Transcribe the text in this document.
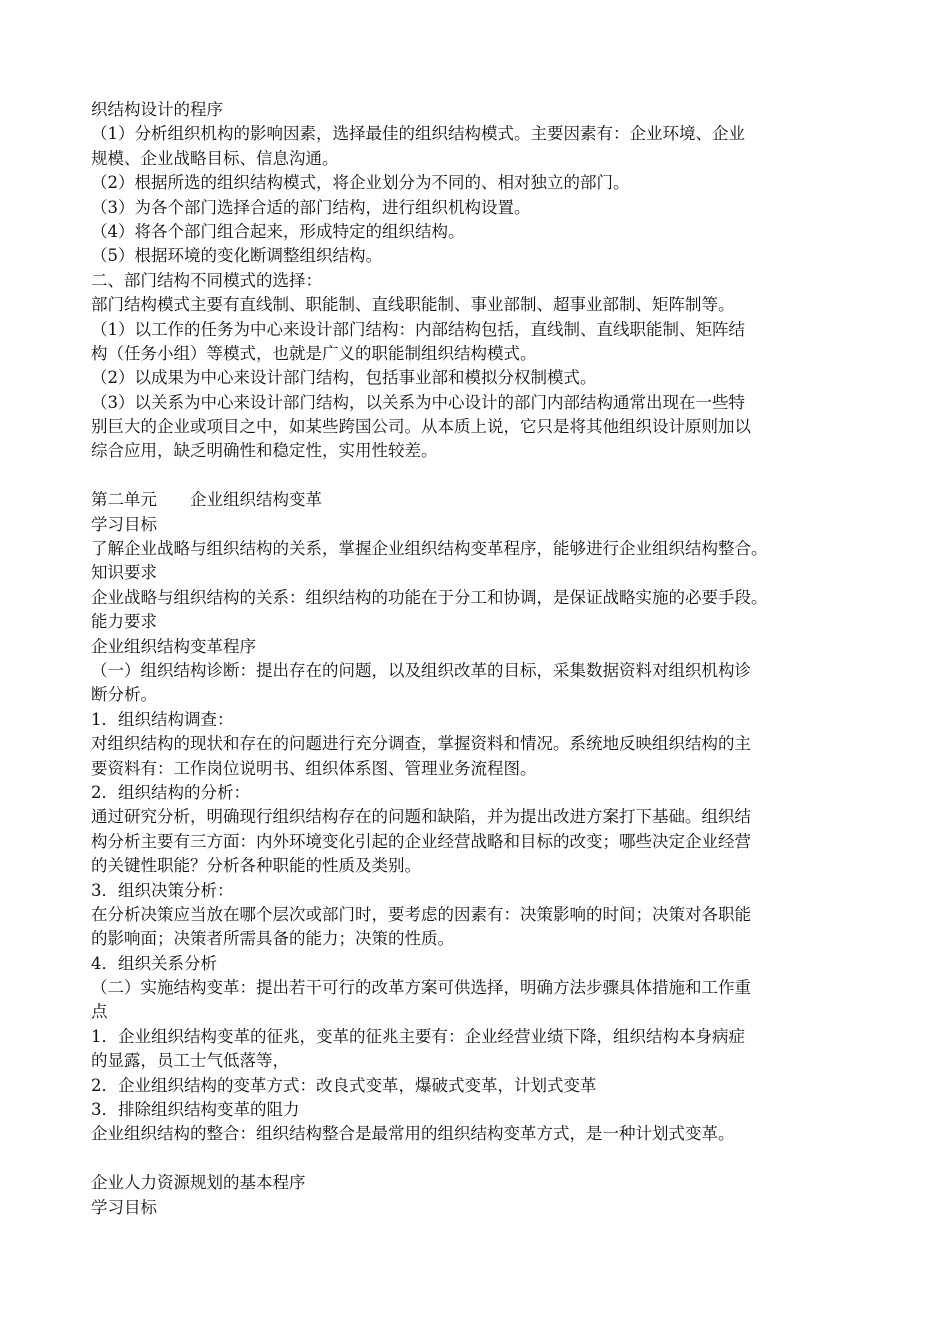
织结构设计的程序
（1）分析组织机构的影响因素，选择最佳的组织结构模式。主要因素有：企业环境、企业
规模、企业战略目标、信息沟通。
（2）根据所选的组织结构模式，将企业划分为不同的、相对独立的部门。
（3）为各个部门选择合适的部门结构，进行组织机构设置。
（4）将各个部门组合起来，形成特定的组织结构。
（5）根据环境的变化断调整组织结构。
二、部门结构不同模式的选择：
部门结构模式主要有直线制、职能制、直线职能制、事业部制、超事业部制、矩阵制等。
（1）以工作的任务为中心来设计部门结构：内部结构包括，直线制、直线职能制、矩阵结
构（任务小组）等模式，也就是广义的职能制组织结构模式。
（2）以成果为中心来设计部门结构，包括事业部和模拟分权制模式。
（3）以关系为中心来设计部门结构，以关系为中心设计的部门内部结构通常出现在一些特
别巨大的企业或项目之中，如某些跨国公司。从本质上说，它只是将其他组织设计原则加以
综合应用，缺乏明确性和稳定性，实用性较差。
第二单元　　企业组织结构变革
学习目标
了解企业战略与组织结构的关系，掌握企业组织结构变革程序，能够进行企业组织结构整合。
知识要求
企业战略与组织结构的关系：组织结构的功能在于分工和协调，是保证战略实施的必要手段。
能力要求
企业组织结构变革程序
（一）组织结构诊断：提出存在的问题，以及组织改革的目标，采集数据资料对组织机构诊
断分析。
1．组织结构调查：
对组织结构的现状和存在的问题进行充分调查，掌握资料和情况。系统地反映组织结构的主
要资料有：工作岗位说明书、组织体系图、管理业务流程图。
2．组织结构的分析：
通过研究分析，明确现行组织结构存在的问题和缺陷，并为提出改进方案打下基础。组织结
构分析主要有三方面：内外环境变化引起的企业经营战略和目标的改变；哪些决定企业经营
的关键性职能？分析各种职能的性质及类别。
3．组织决策分析：
在分析决策应当放在哪个层次或部门时，要考虑的因素有：决策影响的时间；决策对各职能
的影响面；决策者所需具备的能力；决策的性质。
4．组织关系分析
（二）实施结构变革：提出若干可行的改革方案可供选择，明确方法步骤具体措施和工作重
点
1．企业组织结构变革的征兆，变革的征兆主要有：企业经营业绩下降，组织结构本身病症
的显露，员工士气低落等，
2．企业组织结构的变革方式：改良式变革，爆破式变革，计划式变革
3．排除组织结构变革的阻力
企业组织结构的整合：组织结构整合是最常用的组织结构变革方式，是一种计划式变革。
企业人力资源规划的基本程序
学习目标
